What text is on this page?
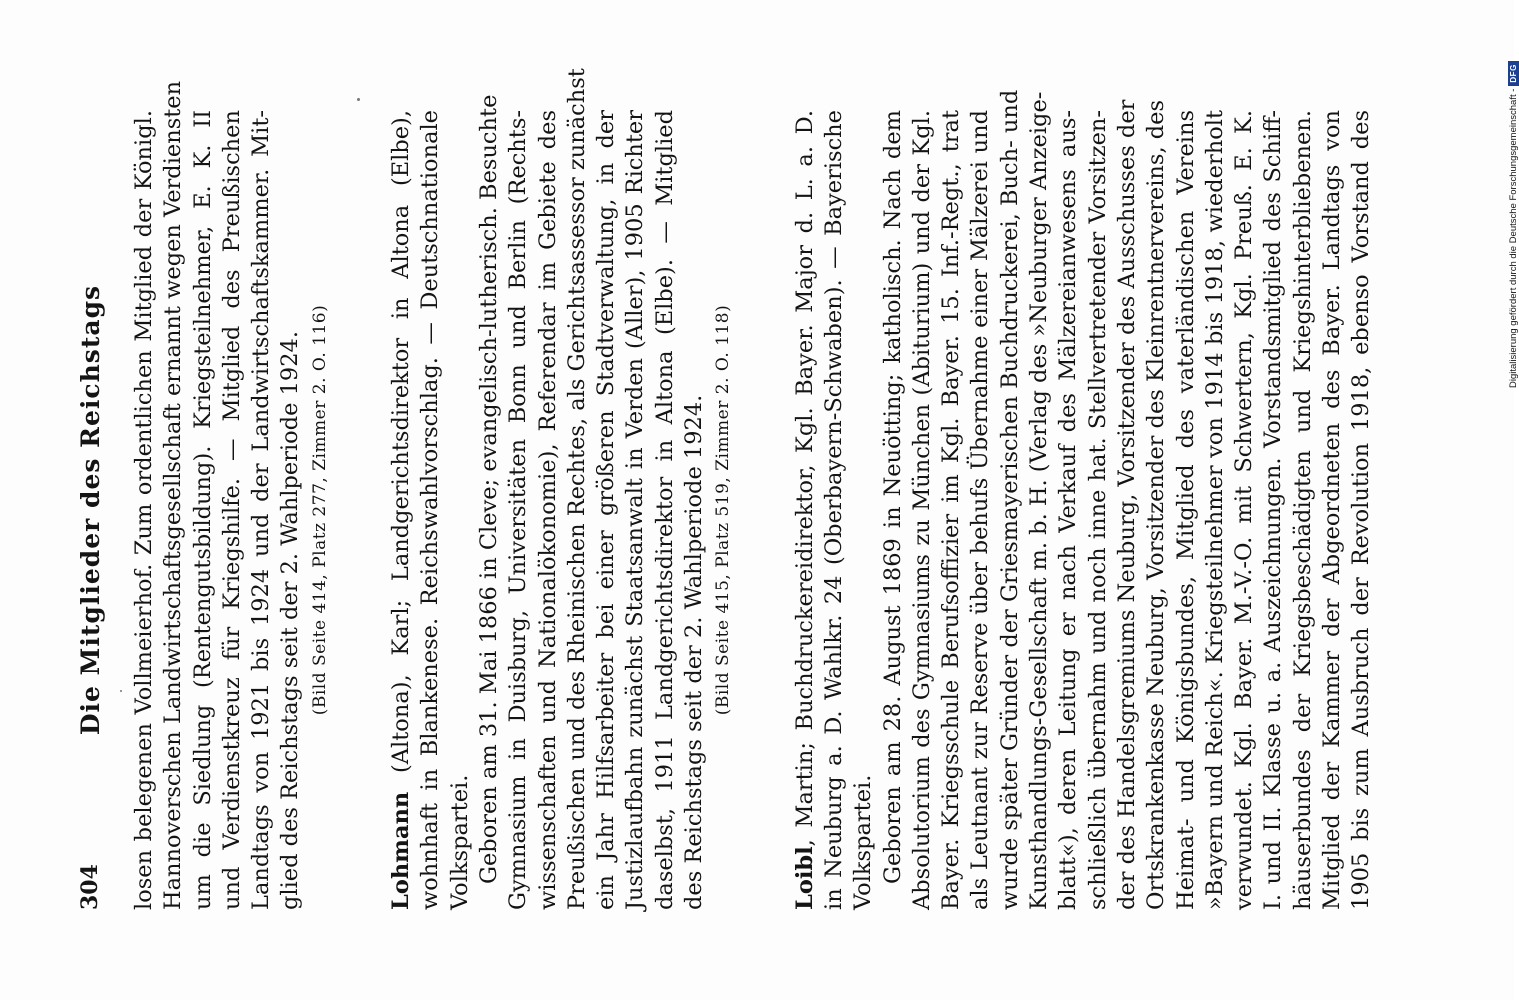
304
Die Mitglieder des Reichstags losen belegenen Vollmeierhof. Zum ordentlichen Mitglied der Königl. Hannoverschen Landwirtschaftsgesellschaft ernannt wegen Verdiensten um die Siedlung (Rentengutsbildung). Kriegsteilnehmer, E. K. II und Verdienstkreuz für Kriegshilfe. — Mitglied des Preußischen Landtags von 1921 bis 1924 und der Landwirtschaftskammer. Mit- glied des Reichstags seit der 2. Wahlperiode 1924. (Bild Seite 414, Platz 277, Zimmer 2. O. 116)
Lohmann (Altona), Karl; Landgerichtsdirektor in Altona (Elbe), wohnhaft in Blankenese. Reichswahlvorschlag. — Deutschnationale Volkspartei. Geboren am 31. Mai 1866 in Cleve; evangelisch-lutherisch. Besuchte Gymnasium in Duisburg, Universitäten Bonn und Berlin (Rechts- wissenschaften und Nationalökonomie), Referendar im Gebiete des Preußischen und des Rheinischen Rechtes, als Gerichtsassessor zunächst ein Jahr Hilfsarbeiter bei einer größeren Stadtverwaltung, in der Justizlaufbahn zunächst Staatsanwalt in Verden (Aller), 1905 Richter daselbst, 1911 Landgerichtsdirektor in Altona (Elbe). — Mitglied des Reichstags seit der 2. Wahlperiode 1924. (Bild Seite 415, Platz 519, Zimmer 2. O. 118)
Loibl, Martin; Buchdruckereidirektor, Kgl. Bayer. Major d. L. a. D. in Neuburg a. D. Wahlkr. 24 (Oberbayern-Schwaben). — Bayerische Volkspartei. Geboren am 28. August 1869 in Neuötting; katholisch. Nach dem Absolutorium des Gymnasiums zu München (Abiturium) und der Kgl. Bayer. Kriegsschule Berufsoffizier im Kgl. Bayer. 15. Inf.-Regt., trat als Leutnant zur Reserve über behufs Übernahme einer Mälzerei und wurde später Gründer der Griesmayerischen Buchdruckerei, Buch- und Kunsthandlungs-Gesellschaft m. b. H. (Verlag des »Neuburger Anzeige- blatt«), deren Leitung er nach Verkauf des Mälzereianwesens aus- schließlich übernahm und noch inne hat. Stellvertretender Vorsitzen- der des Handelsgremiums Neuburg, Vorsitzender des Ausschusses der Ortskrankenkasse Neuburg, Vorsitzender des Kleinrentnervereins, des Heimat- und Königsbundes, Mitglied des vaterländischen Vereins »Bayern und Reich«. Kriegsteilnehmer von 1914 bis 1918, wiederholt verwundet. Kgl. Bayer. M.-V.-O. mit Schwertern, Kgl. Preuß. E. K. I. und II. Klasse u. a. Auszeichnungen. Vorstandsmitglied des Schiff- häuserbundes der Kriegsbeschädigten und Kriegshinterbliebenen. Mitglied der Kammer der Abgeordneten des Bayer. Landtags von 1905 bis zum Ausbruch der Revolution 1918, ebenso Vorstand des	Digitalisierung gefördert durch die Deutsche Forschungsgemeinschaft -
DFG
